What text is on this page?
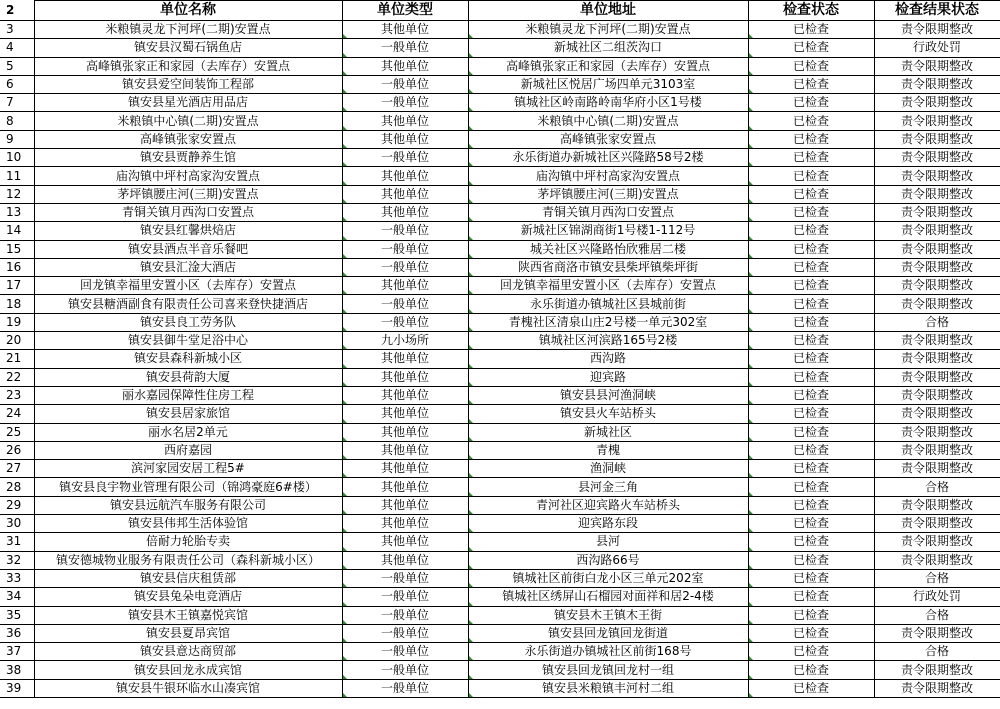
2	单位名称	单位类型	单位地址	检查状态	检查结果状态
3	米粮镇灵龙下河坪(二期)安置点	其他单位	米粮镇灵龙下河坪(二期)安置点	已检查	责令限期整改
4	镇安县汉蜀石锅鱼店	一般单位	新城社区二组茨沟口	已检查	行政处罚
5	高峰镇张家正和家园（去库存）安置点	其他单位	高峰镇张家正和家园（去库存）安置点	已检查	责令限期整改
6	镇安县爱空间装饰工程部	一般单位	新城社区悦居广场四单元3103室	已检查	责令限期整改
7	镇安县星光酒店用品店	一般单位	镇城社区岭南路岭南华府小区1号楼	已检查	责令限期整改
8	米粮镇中心镇(二期)安置点	其他单位	米粮镇中心镇(二期)安置点	已检查	责令限期整改
9	高峰镇张家安置点	其他单位	高峰镇张家安置点	已检查	责令限期整改
10	镇安县贾静养生馆	一般单位	永乐街道办新城社区兴隆路58号2楼	已检查	责令限期整改
11	庙沟镇中坪村高家沟安置点	其他单位	庙沟镇中坪村高家沟安置点	已检查	责令限期整改
12	茅坪镇腰庄河(三期)安置点	其他单位	茅坪镇腰庄河(三期)安置点	已检查	责令限期整改
13	青铜关镇月西沟口安置点	其他单位	青铜关镇月西沟口安置点	已检查	责令限期整改
14	镇安县红馨烘焙店	一般单位	新城社区锦湖商街1号楼1-112号	已检查	责令限期整改
15	镇安县酒点半音乐餐吧	一般单位	城关社区兴隆路怡欣雅居二楼	已检查	责令限期整改
16	镇安县汇淦大酒店	一般单位	陕西省商洛市镇安县柴坪镇柴坪街	已检查	责令限期整改
17	回龙镇幸福里安置小区（去库存）安置点	其他单位	回龙镇幸福里安置小区（去库存）安置点	已检查	责令限期整改
18	镇安县糖酒副食有限责任公司喜来登快捷酒店	一般单位	永乐街道办镇城社区县城前街	已检查	责令限期整改
19	镇安县良工劳务队	一般单位	青槐社区清泉山庄2号楼一单元302室	已检查	合格
20	镇安县御牛堂足浴中心	九小场所	镇城社区河滨路165号2楼	已检查	责令限期整改
21	镇安县森科新城小区	其他单位	西沟路	已检查	责令限期整改
22	镇安县荷韵大厦	其他单位	迎宾路	已检查	责令限期整改
23	丽水嘉园保障性住房工程	其他单位	镇安县县河渔洞峡	已检查	责令限期整改
24	镇安县居家旅馆	其他单位	镇安县火车站桥头	已检查	责令限期整改
25	丽水名居2单元	其他单位	新城社区	已检查	责令限期整改
26	西府嘉园	其他单位	青槐	已检查	责令限期整改
27	滨河家园安居工程5#	其他单位	渔洞峡	已检查	责令限期整改
28	镇安县良宇物业管理有限公司（锦鸿豪庭6#楼）	其他单位	县河金三角	已检查	合格
29	镇安县远航汽车服务有限公司	其他单位	青河社区迎宾路火车站桥头	已检查	责令限期整改
30	镇安县伟邦生活体验馆	其他单位	迎宾路东段	已检查	责令限期整改
31	倍耐力轮胎专卖	其他单位	县河	已检查	责令限期整改
32	镇安德城物业服务有限责任公司（森科新城小区）	其他单位	西沟路66号	已检查	责令限期整改
33	镇安县信庆租赁部	一般单位	镇城社区前街白龙小区三单元202室	已检查	合格
34	镇安县兔朵电竞酒店	一般单位	镇城社区绣屏山石榴园对面祥和居2-4楼	已检查	行政处罚
35	镇安县木王镇嘉悦宾馆	一般单位	镇安县木王镇木王街	已检查	合格
36	镇安县夏昂宾馆	一般单位	镇安县回龙镇回龙街道	已检查	责令限期整改
37	镇安县意达商贸部	一般单位	永乐街道办镇城社区前街168号	已检查	合格
38	镇安县回龙永成宾馆	一般单位	镇安县回龙镇回龙村一组	已检查	责令限期整改
39	镇安县牛银环临水山凑宾馆	一般单位	镇安县米粮镇丰河村二组	已检查	责令限期整改
